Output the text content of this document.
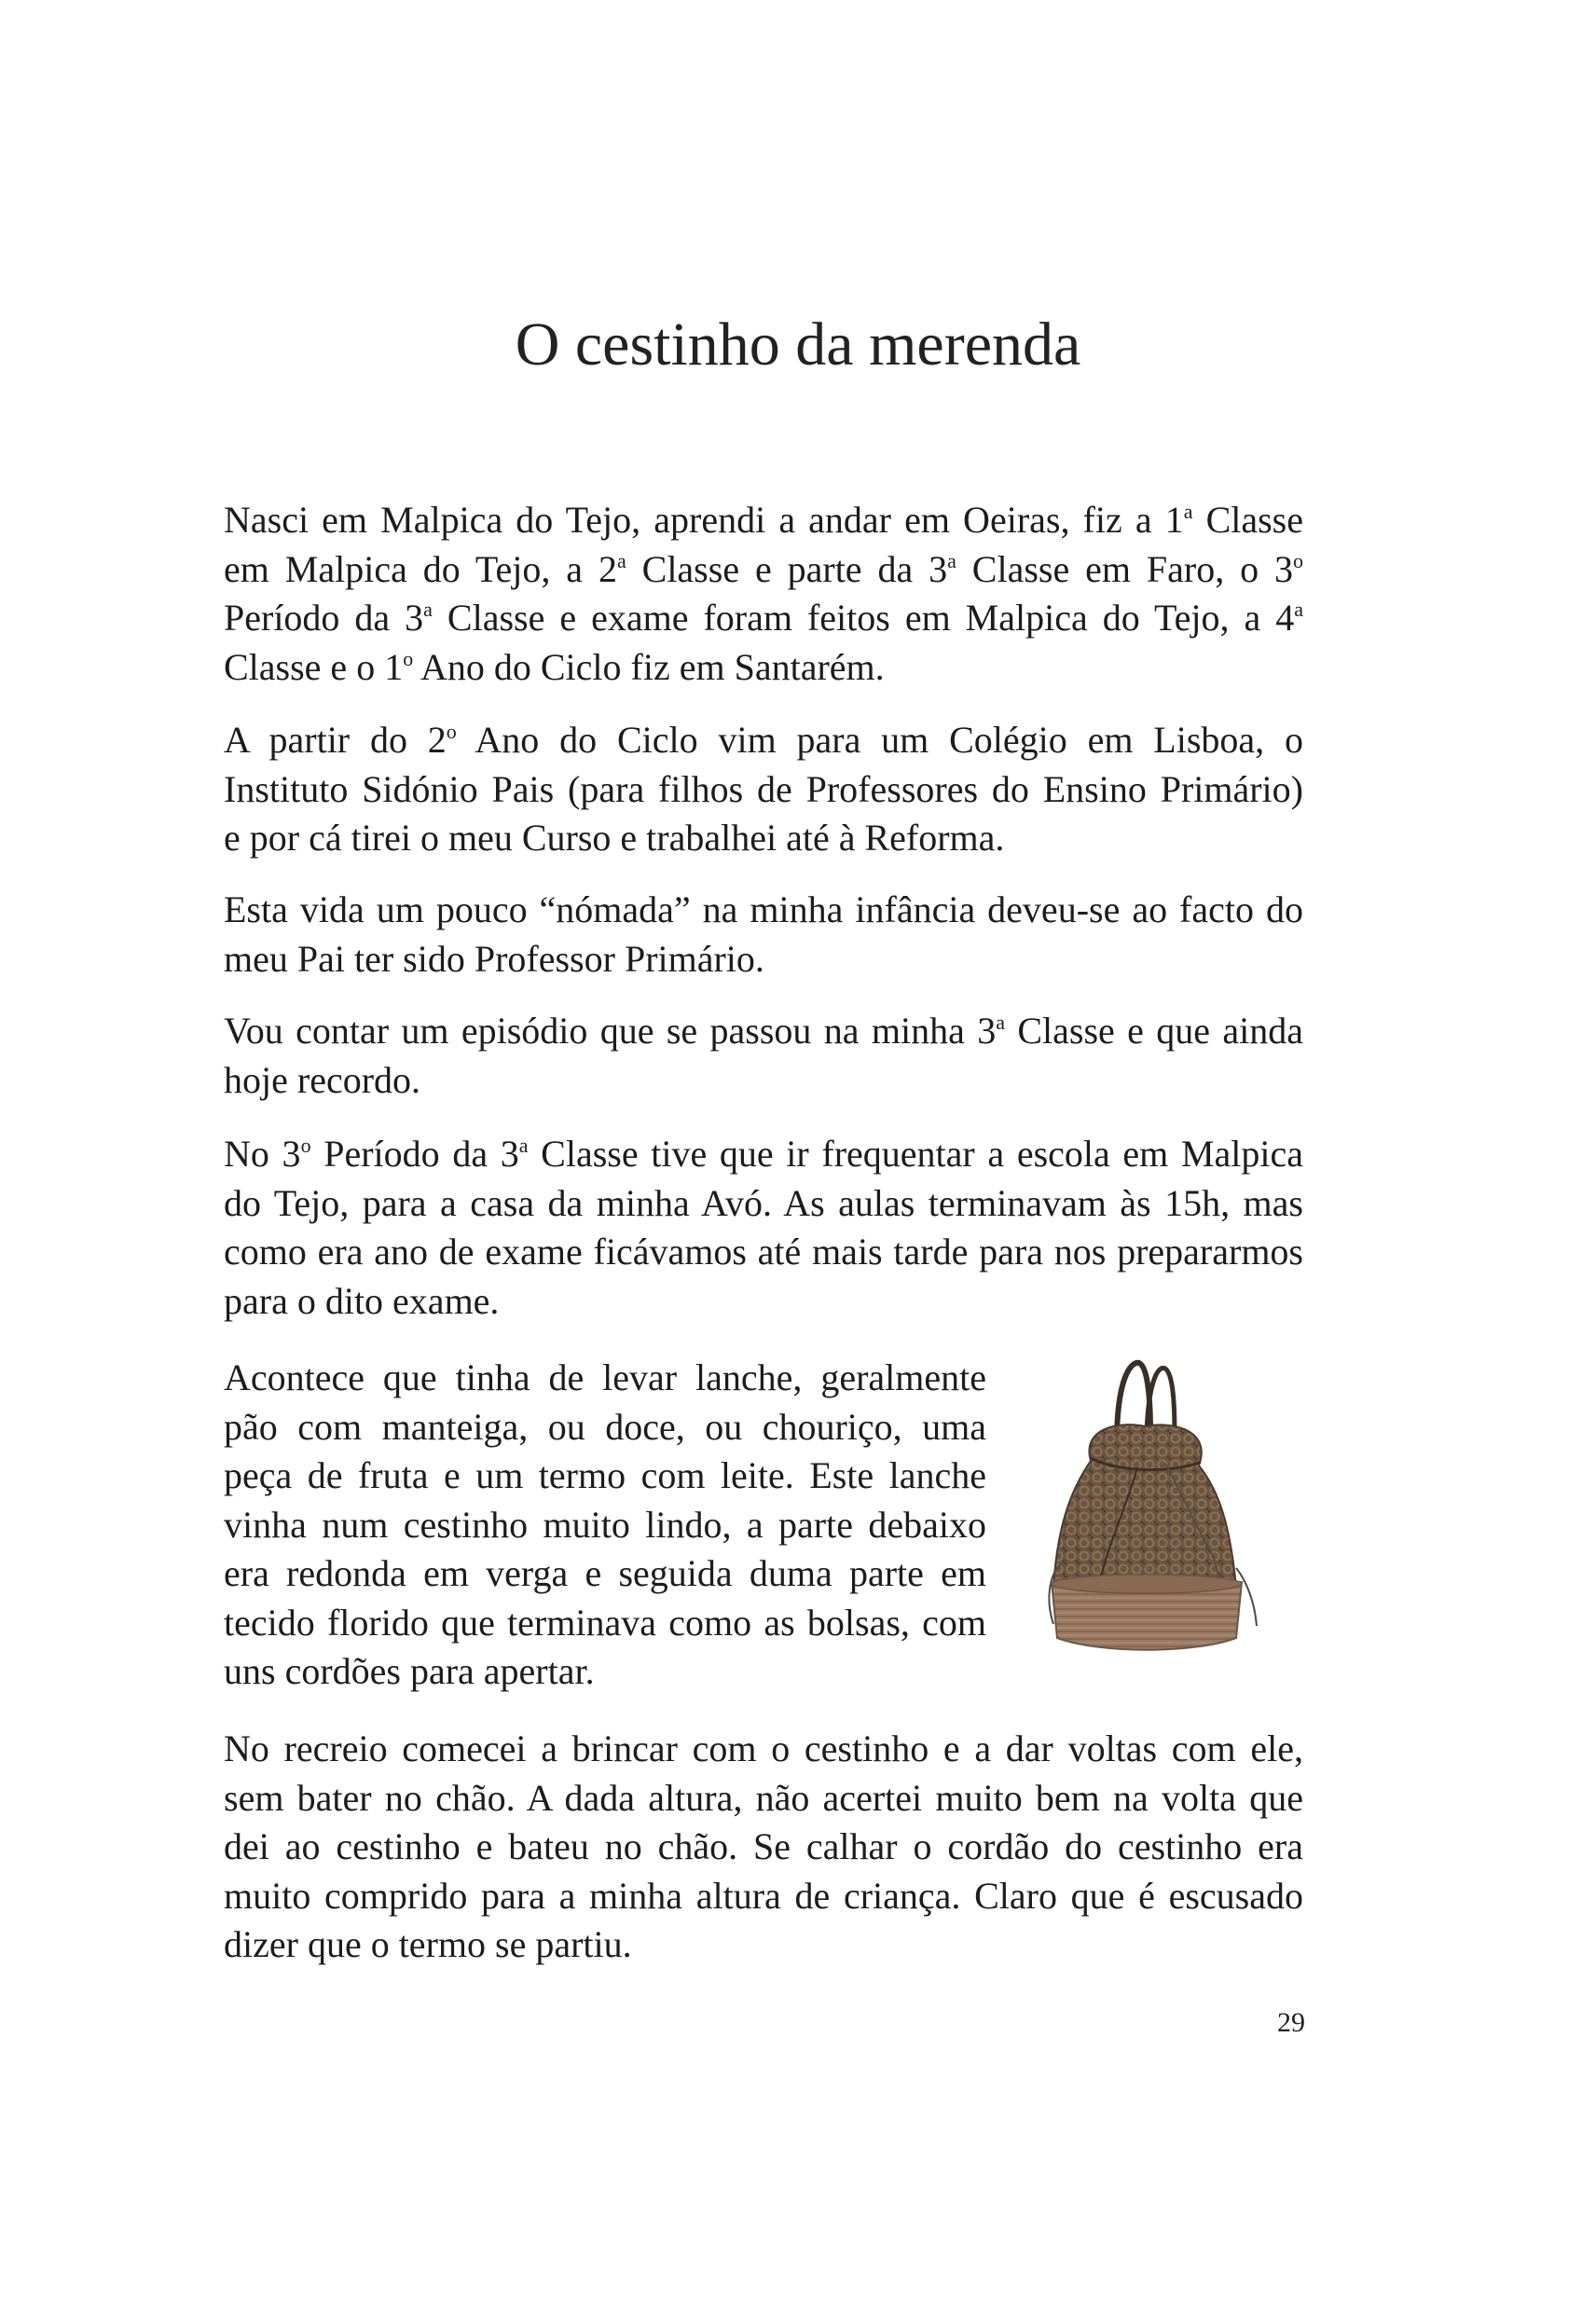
O cestinho da merenda
Nasci em Malpica do Tejo, aprendi a andar em Oeiras, fiz a 1$^a$ Classe
em Malpica do Tejo, a 2$^a$ Classe e parte da 3$^a$ Classe em Faro, o 3$^o$
Período da 3$^a$ Classe e exame foram feitos em Malpica do Tejo, a 4$^a$
Classe e o 1$^o$ Ano do Ciclo fiz em Santarém.
A partir do 2$^o$ Ano do Ciclo vim para um Colégio em Lisboa, o
Instituto Sidónio Pais (para filhos de Professores do Ensino Primário)
e por cá tirei o meu Curso e trabalhei até à Reforma.
Esta vida um pouco “nómada” na minha infância deveu-se ao facto do
meu Pai ter sido Professor Primário.
Vou contar um episódio que se passou na minha 3$^a$ Classe e que ainda
hoje recordo.
No 3$^o$ Período da 3$^a$ Classe tive que ir frequentar a escola em Malpica
do Tejo, para a casa da minha Avó. As aulas terminavam às 15h, mas
como era ano de exame ficávamos até mais tarde para nos prepararmos
para o dito exame.
Acontece que tinha de levar lanche, geralmente
pão com manteiga, ou doce, ou chouriço, uma
peça de fruta e um termo com leite. Este lanche
vinha num cestinho muito lindo, a parte debaixo
era redonda em verga e seguida duma parte em
tecido florido que terminava como as bolsas, com
uns cordões para apertar.
No recreio comecei a brincar com o cestinho e a dar voltas com ele,
sem bater no chão. A dada altura, não acertei muito bem na volta que
dei ao cestinho e bateu no chão. Se calhar o cordão do cestinho era
muito comprido para a minha altura de criança. Claro que é escusado
dizer que o termo se partiu.
29
